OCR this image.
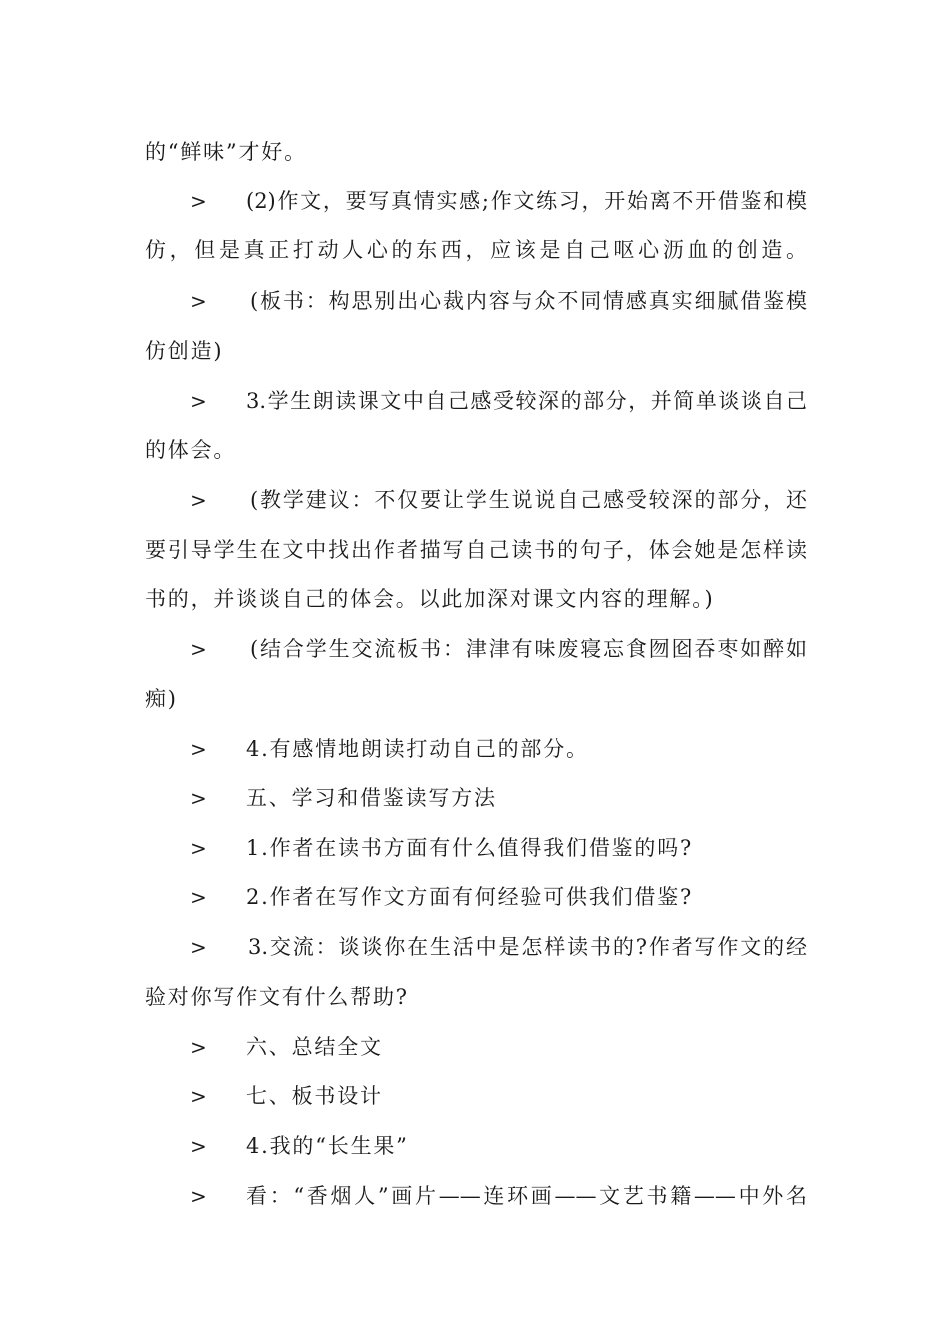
的“鲜味”才好。
> (2)作文，要写真情实感;作文练习，开始离不开借鉴和模
仿，但是真正打动人心的东西，应该是自己呕心沥血的创造。
> (板书：构思别出心裁内容与众不同情感真实细腻借鉴模
仿创造)
> 3.学生朗读课文中自己感受较深的部分，并简单谈谈自己
的体会。
> (教学建议：不仅要让学生说说自己感受较深的部分，还
要引导学生在文中找出作者描写自己读书的句子，体会她是怎样读
书的，并谈谈自己的体会。以此加深对课文内容的理解。)
> (结合学生交流板书：津津有味废寝忘食囫囵吞枣如醉如
痴)
> 4.有感情地朗读打动自己的部分。
> 五、学习和借鉴读写方法
> 1.作者在读书方面有什么值得我们借鉴的吗?
> 2.作者在写作文方面有何经验可供我们借鉴?
> 3.交流：谈谈你在生活中是怎样读书的?作者写作文的经
验对你写作文有什么帮助?
> 六、总结全文
> 七、板书设计
> 4.我的“长生果”
> 看：“香烟人”画片——连环画——文艺书籍——中外名
